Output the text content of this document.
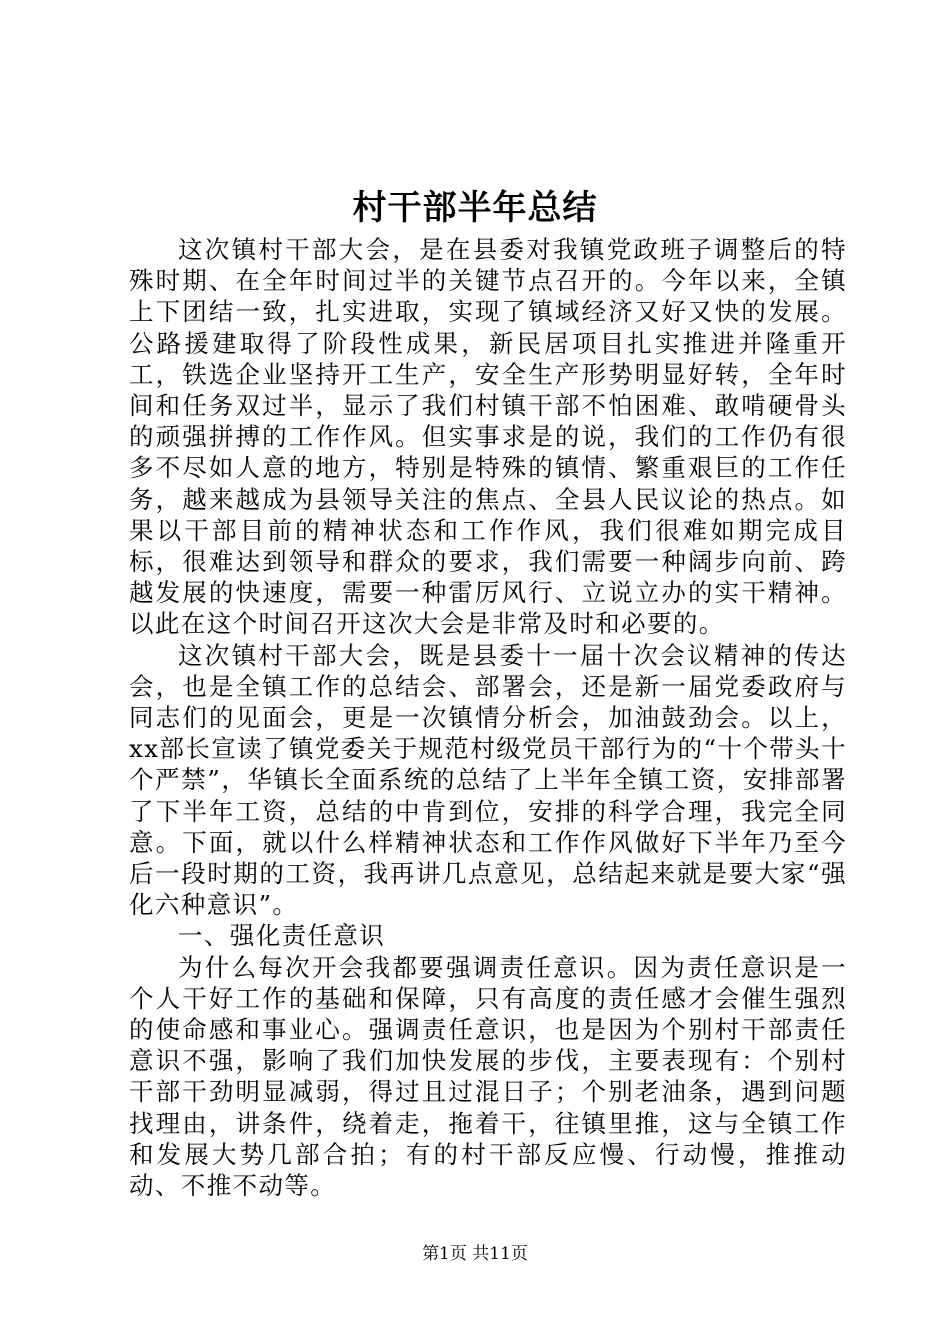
村干部半年总结

这次镇村干部大会，是在县委对我镇党政班子调整后的特殊时期、在全年时间过半的关键节点召开的。今年以来，全镇上下团结一致，扎实进取，实现了镇域经济又好又快的发展。公路援建取得了阶段性成果，新民居项目扎实推进并隆重开工，铁选企业坚持开工生产，安全生产形势明显好转，全年时间和任务双过半，显示了我们村镇干部不怕困难、敢啃硬骨头的顽强拼搏的工作作风。但实事求是的说，我们的工作仍有很多不尽如人意的地方，特别是特殊的镇情、繁重艰巨的工作任务，越来越成为县领导关注的焦点、全县人民议论的热点。如果以干部目前的精神状态和工作作风，我们很难如期完成目标，很难达到领导和群众的要求，我们需要一种阔步向前、跨越发展的快速度，需要一种雷厉风行、立说立办的实干精神。以此在这个时间召开这次大会是非常及时和必要的。

这次镇村干部大会，既是县委十一届十次会议精神的传达会，也是全镇工作的总结会、部署会，还是新一届党委政府与同志们的见面会，更是一次镇情分析会，加油鼓劲会。以上，xx部长宣读了镇党委关于规范村级党员干部行为的“十个带头十个严禁”，华镇长全面系统的总结了上半年全镇工资，安排部署了下半年工资，总结的中肯到位，安排的科学合理，我完全同意。下面，就以什么样精神状态和工作作风做好下半年乃至今后一段时期的工资，我再讲几点意见，总结起来就是要大家“强化六种意识”。

一、强化责任意识

为什么每次开会我都要强调责任意识。因为责任意识是一个人干好工作的基础和保障，只有高度的责任感才会催生强烈的使命感和事业心。强调责任意识，也是因为个别村干部责任意识不强，影响了我们加快发展的步伐，主要表现有：个别村干部干劲明显减弱，得过且过混日子；个别老油条，遇到问题找理由，讲条件，绕着走，拖着干，往镇里推，这与全镇工作和发展大势几部合拍；有的村干部反应慢、行动慢，推推动动、不推不动等。

第1页 共11页
